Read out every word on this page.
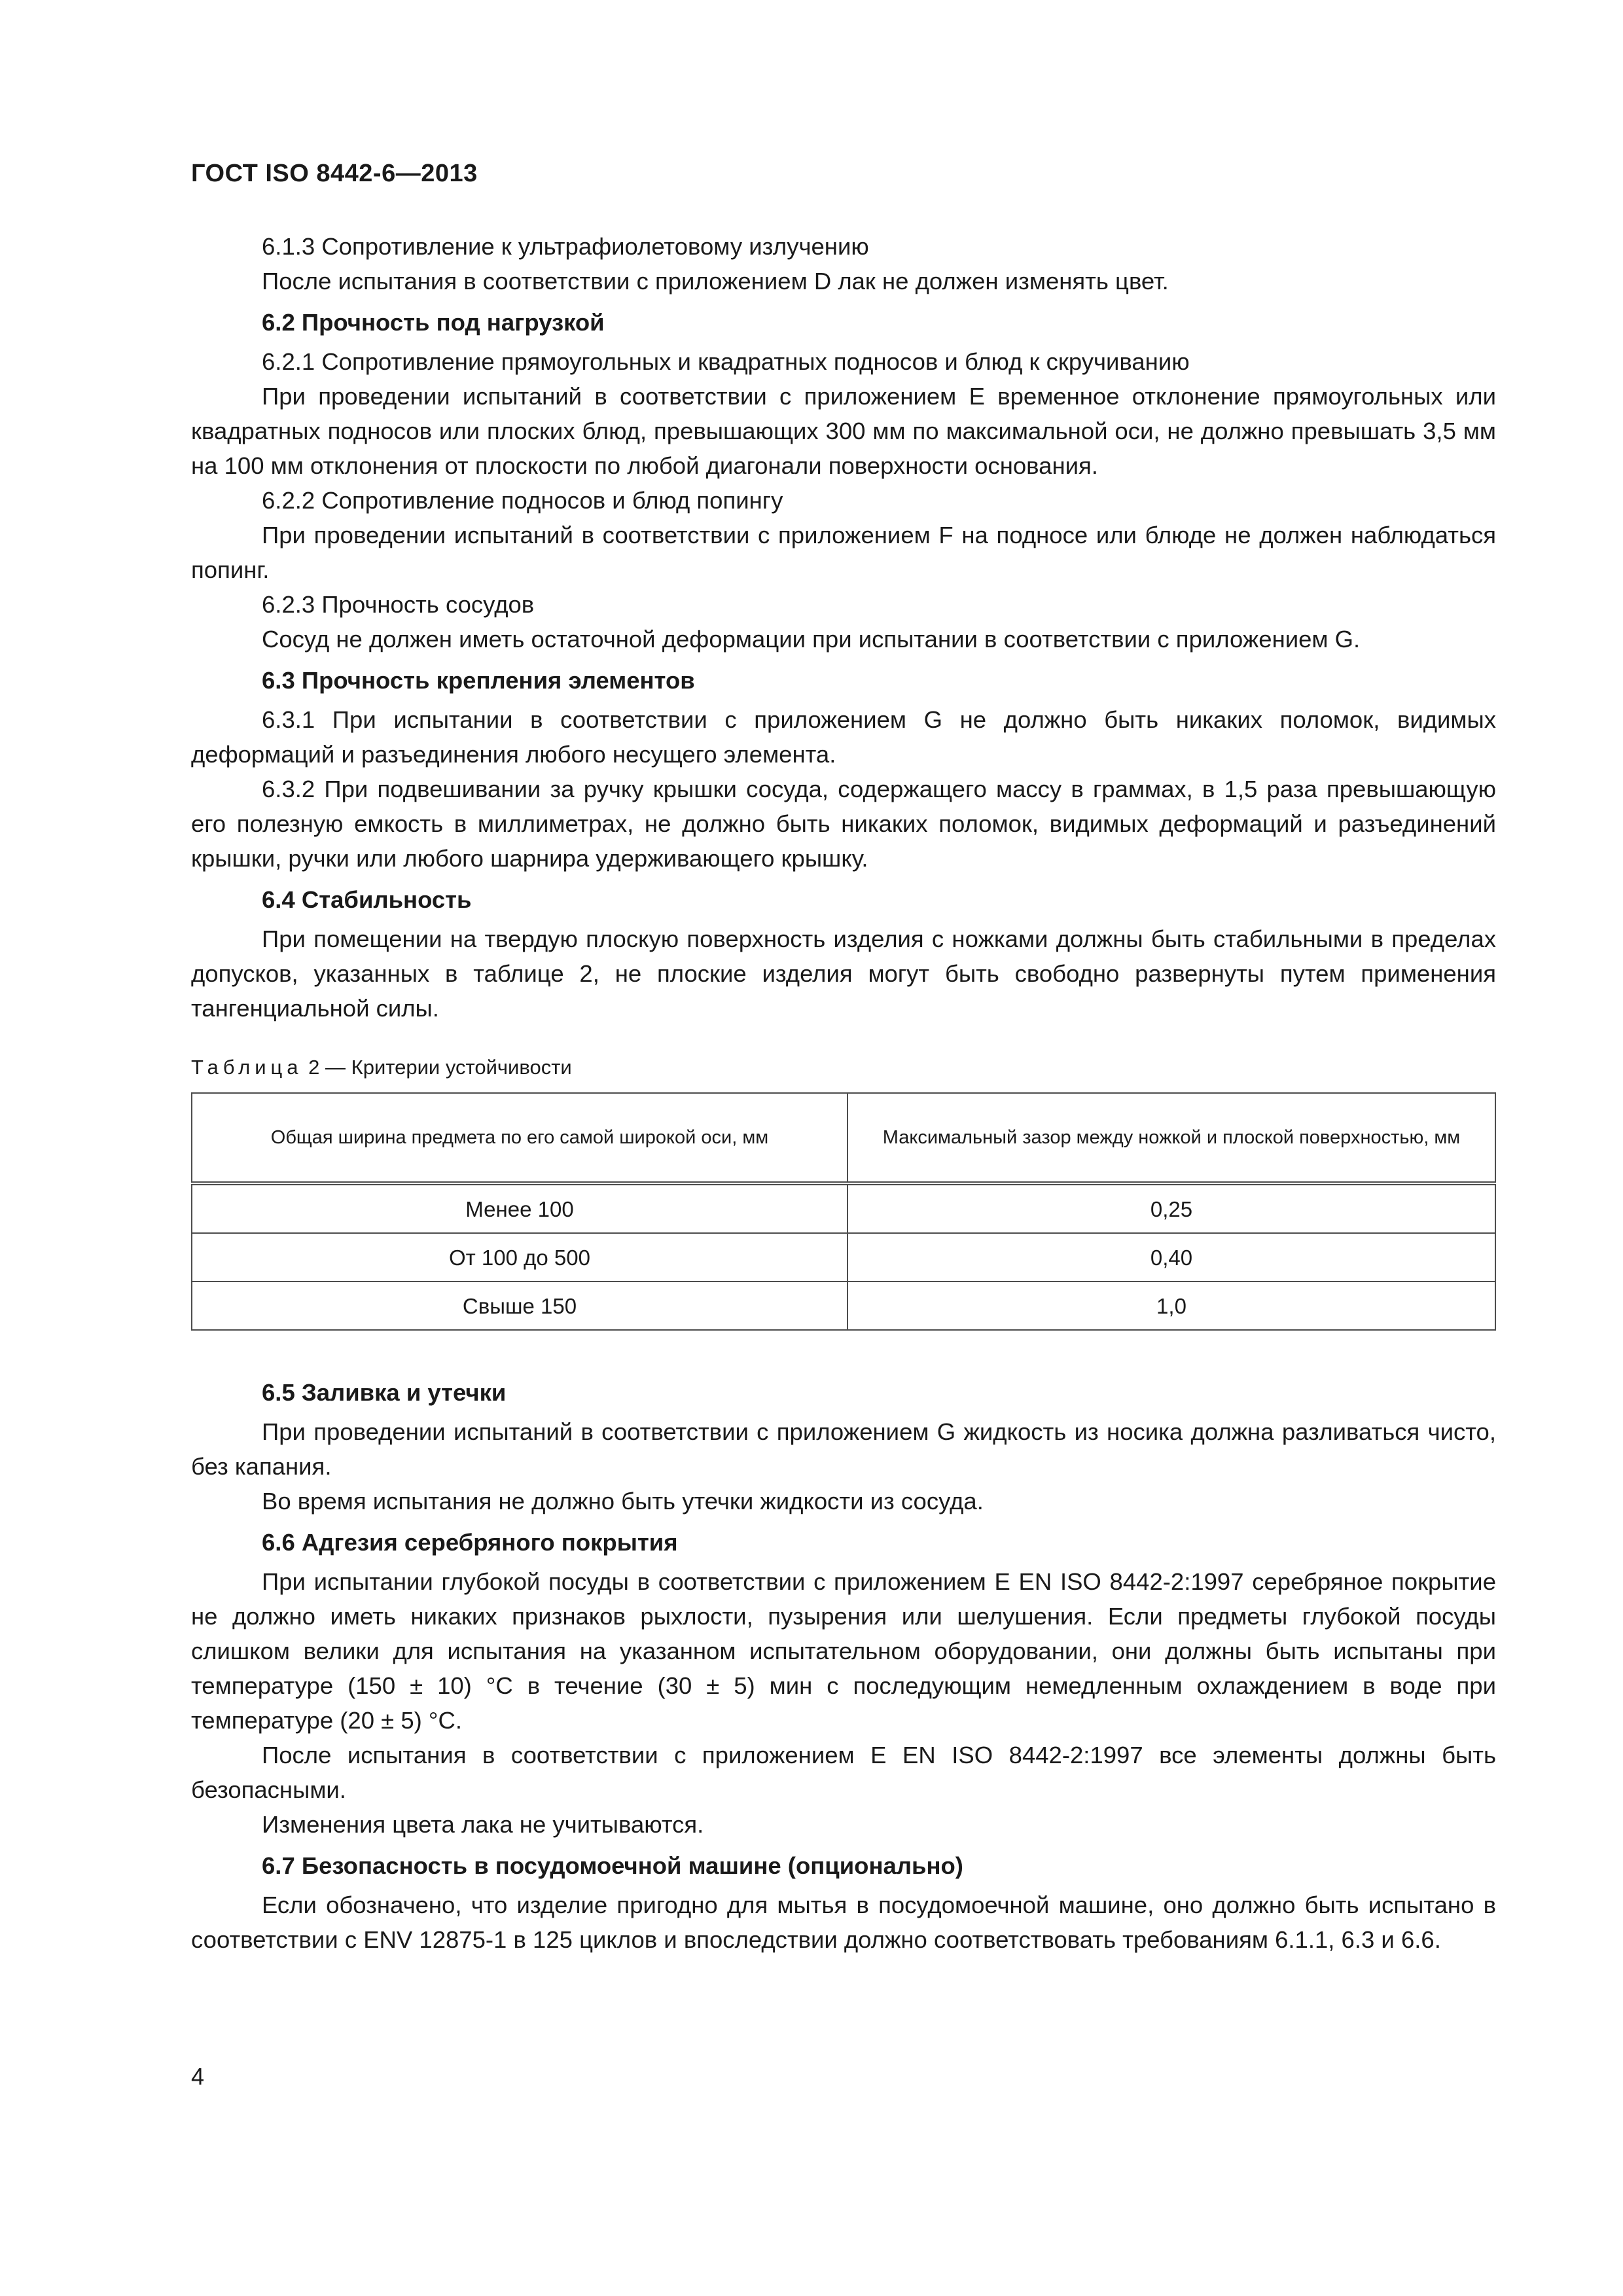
ГОСТ ISO 8442-6—2013

6.1.3 Сопротивление к ультрафиолетовому излучению

После испытания в соответствии с приложением D лак не должен изменять цвет.

6.2 Прочность под нагрузкой

6.2.1 Сопротивление прямоугольных и квадратных подносов и блюд к скручиванию

При проведении испытаний в соответствии с приложением E временное отклонение прямоугольных или квадратных подносов или плоских блюд, превышающих 300 мм по максимальной оси, не должно превышать 3,5 мм на 100 мм отклонения от плоскости по любой диагонали поверхности основания.

6.2.2 Сопротивление подносов и блюд попингу

При проведении испытаний в соответствии с приложением F на подносе или блюде не должен наблюдаться попинг.

6.2.3 Прочность сосудов

Сосуд не должен иметь остаточной деформации при испытании в соответствии с приложением G.

6.3 Прочность крепления элементов

6.3.1 При испытании в соответствии с приложением G не должно быть никаких поломок, видимых деформаций и разъединения любого несущего элемента.

6.3.2 При подвешивании за ручку крышки сосуда, содержащего массу в граммах, в 1,5 раза превышающую его полезную емкость в миллиметрах, не должно быть никаких поломок, видимых деформаций и разъединений крышки, ручки или любого шарнира удерживающего крышку.

6.4 Стабильность

При помещении на твердую плоскую поверхность изделия с ножками должны быть стабильными в пределах допусков, указанных в таблице 2, не плоские изделия могут быть свободно развернуты путем применения тангенциальной силы.

Таблица 2 — Критерии устойчивости
Общая ширина предмета по его самой широкой оси, мм	Максимальный зазор между ножкой и плоской поверхностью, мм
Менее 100	0,25
От 100 до 500	0,40
Свыше 150	1,0
6.5 Заливка и утечки

При проведении испытаний в соответствии с приложением G жидкость из носика должна разливаться чисто, без капания.

Во время испытания не должно быть утечки жидкости из сосуда.

6.6 Адгезия серебряного покрытия

При испытании глубокой посуды в соответствии с приложением E EN ISO 8442-2:1997 серебряное покрытие не должно иметь никаких признаков рыхлости, пузырения или шелушения. Если предметы глубокой посуды слишком велики для испытания на указанном испытательном оборудовании, они должны быть испытаны при температуре (150 ± 10) °С в течение (30 ± 5) мин с последующим немедленным охлаждением в воде при температуре (20 ± 5) °С.

После испытания в соответствии с приложением E EN ISO 8442-2:1997 все элементы должны быть безопасными.

Изменения цвета лака не учитываются.

6.7 Безопасность в посудомоечной машине (опционально)

Если обозначено, что изделие пригодно для мытья в посудомоечной машине, оно должно быть испытано в соответствии с ENV 12875-1 в 125 циклов и впоследствии должно соответствовать требованиям 6.1.1, 6.3 и 6.6.

4
